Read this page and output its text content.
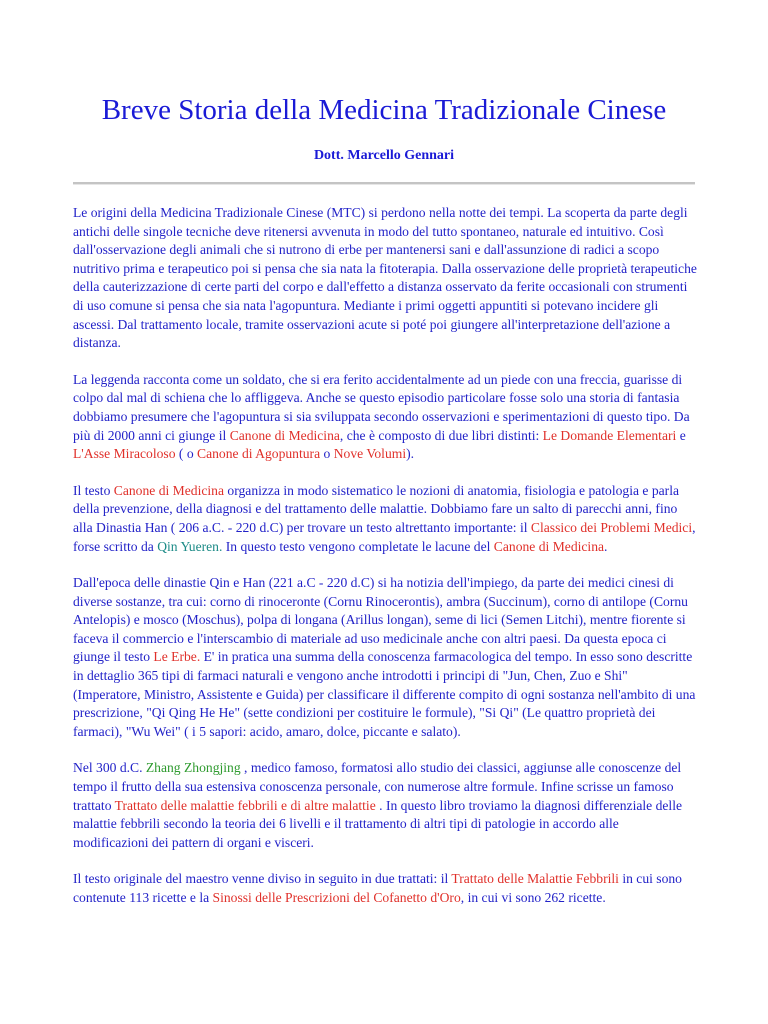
Breve Storia della Medicina Tradizionale Cinese
Dott. Marcello Gennari

Le origini della Medicina Tradizionale Cinese (MTC) si perdono nella notte dei tempi. La scoperta da parte degli antichi delle singole tecniche deve ritenersi avvenuta in modo del tutto spontaneo, naturale ed intuitivo. Così dall'osservazione degli animali che si nutrono di erbe per mantenersi sani e dall'assunzione di radici a scopo nutritivo prima e terapeutico poi si pensa che sia nata la fitoterapia. Dalla osservazione delle proprietà terapeutiche della cauterizzazione di certe parti del corpo e dall'effetto a distanza osservato da ferite occasionali con strumenti di uso comune si pensa che sia nata l'agopuntura. Mediante i primi oggetti appuntiti si potevano incidere gli ascessi. Dal trattamento locale, tramite osservazioni acute si poté poi giungere all'interpretazione dell'azione a distanza.

La leggenda racconta come un soldato, che si era ferito accidentalmente ad un piede con una freccia, guarisse di colpo dal mal di schiena che lo affliggeva. Anche se questo episodio particolare fosse solo una storia di fantasia dobbiamo presumere che l'agopuntura si sia sviluppata secondo osservazioni e sperimentazioni di questo tipo. Da più di 2000 anni ci giunge il Canone di Medicina, che è composto di due libri distinti: Le Domande Elementari e L'Asse Miracoloso ( o Canone di Agopuntura o Nove Volumi).

Il testo Canone di Medicina organizza in modo sistematico le nozioni di anatomia, fisiologia e patologia e parla della prevenzione, della diagnosi e del trattamento delle malattie. Dobbiamo fare un salto di parecchi anni, fino alla Dinastia Han ( 206 a.C. - 220 d.C) per trovare un testo altrettanto importante: il Classico dei Problemi Medici, forse scritto da Qin Yueren. In questo testo vengono completate le lacune del Canone di Medicina.

Dall'epoca delle dinastie Qin e Han (221 a.C - 220 d.C) si ha notizia dell'impiego, da parte dei medici cinesi di diverse sostanze, tra cui: corno di rinoceronte (Cornu Rinocerontis), ambra (Succinum), corno di antilope (Cornu Antelopis) e mosco (Moschus), polpa di longana (Arillus longan), seme di lici (Semen Litchi), mentre fiorente si faceva il commercio e l'interscambio di materiale ad uso medicinale anche con altri paesi. Da questa epoca ci giunge il testo Le Erbe. E' in pratica una summa della conoscenza farmacologica del tempo. In esso sono descritte in dettaglio 365 tipi di farmaci naturali e vengono anche introdotti i principi di "Jun, Chen, Zuo e Shi" (Imperatore, Ministro, Assistente e Guida) per classificare il differente compito di ogni sostanza nell'ambito di una prescrizione, "Qi Qing He He" (sette condizioni per costituire le formule), "Si Qi" (Le quattro proprietà dei farmaci), "Wu Wei" ( i 5 sapori: acido, amaro, dolce, piccante e salato).

Nel 300 d.C. Zhang Zhongjing , medico famoso, formatosi allo studio dei classici, aggiunse alle conoscenze del tempo il frutto della sua estensiva conoscenza personale, con numerose altre formule. Infine scrisse un famoso trattato Trattato delle malattie febbrili e di altre malattie . In questo libro troviamo la diagnosi differenziale delle malattie febbrili secondo la teoria dei 6 livelli e il trattamento di altri tipi di patologie in accordo alle modificazioni dei pattern di organi e visceri.

Il testo originale del maestro venne diviso in seguito in due trattati: il Trattato delle Malattie Febbrili in cui sono contenute 113 ricette e la Sinossi delle Prescrizioni del Cofanetto d'Oro, in cui vi sono 262 ricette.
